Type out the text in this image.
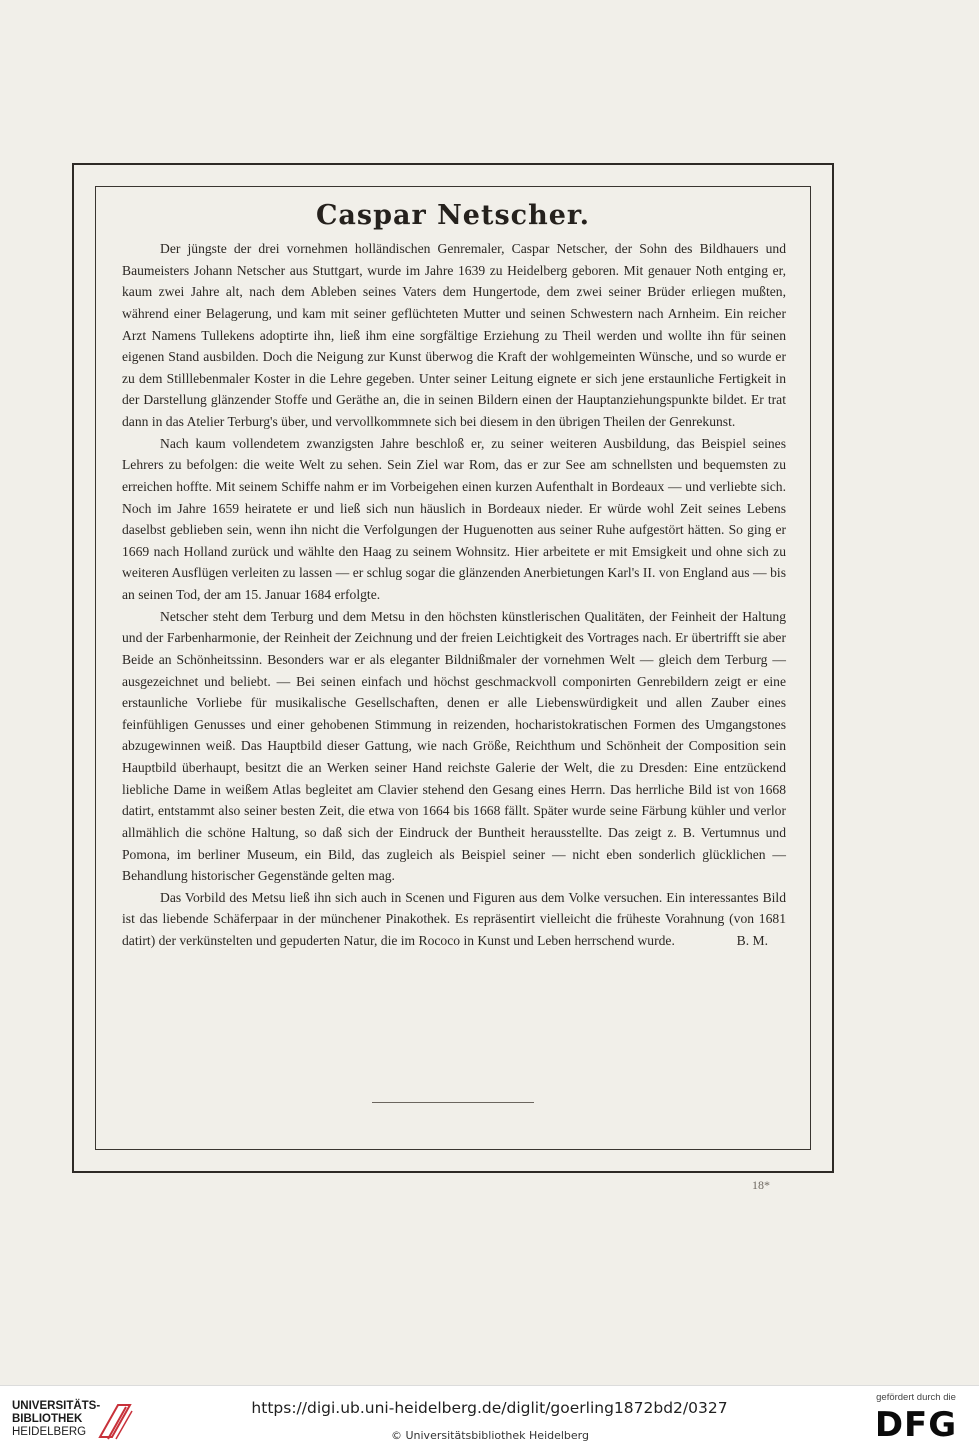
Caspar Netscher.

Der jüngste der drei vornehmen holländischen Genremaler, Caspar Netscher, der Sohn des Bildhauers und Baumeisters Johann Netscher aus Stuttgart, wurde im Jahre 1639 zu Heidelberg geboren. Mit genauer Noth entging er, kaum zwei Jahre alt, nach dem Ableben seines Vaters dem Hungertode, dem zwei seiner Brüder erliegen mußten, während einer Belagerung, und kam mit seiner geflüchteten Mutter und seinen Schwestern nach Arnheim. Ein reicher Arzt Namens Tullekens adoptirte ihn, ließ ihm eine sorgfältige Erziehung zu Theil werden und wollte ihn für seinen eigenen Stand ausbilden. Doch die Neigung zur Kunst überwog die Kraft der wohlgemeinten Wünsche, und so wurde er zu dem Stilllebenmaler Koster in die Lehre gegeben. Unter seiner Leitung eignete er sich jene erstaunliche Fertigkeit in der Darstellung glänzender Stoffe und Geräthe an, die in seinen Bildern einen der Hauptanziehungspunkte bildet. Er trat dann in das Atelier Terburg's über, und vervollkommnete sich bei diesem in den übrigen Theilen der Genrekunst.

Nach kaum vollendetem zwanzigsten Jahre beschloß er, zu seiner weiteren Ausbildung, das Beispiel seines Lehrers zu befolgen: die weite Welt zu sehen. Sein Ziel war Rom, das er zur See am schnellsten und bequemsten zu erreichen hoffte. Mit seinem Schiffe nahm er im Vorbeigehen einen kurzen Aufenthalt in Bordeaux — und verliebte sich. Noch im Jahre 1659 heiratete er und ließ sich nun häuslich in Bordeaux nieder. Er würde wohl Zeit seines Lebens daselbst geblieben sein, wenn ihn nicht die Verfolgungen der Huguenotten aus seiner Ruhe aufgestört hätten. So ging er 1669 nach Holland zurück und wählte den Haag zu seinem Wohnsitz. Hier arbeitete er mit Emsigkeit und ohne sich zu weiteren Ausflügen verleiten zu lassen — er schlug sogar die glänzenden Anerbietungen Karl's II. von England aus — bis an seinen Tod, der am 15. Januar 1684 erfolgte.

Netscher steht dem Terburg und dem Metsu in den höchsten künstlerischen Qualitäten, der Feinheit der Haltung und der Farbenharmonie, der Reinheit der Zeichnung und der freien Leichtigkeit des Vortrages nach. Er übertrifft sie aber Beide an Schönheitssinn. Besonders war er als eleganter Bildnißmaler der vornehmen Welt — gleich dem Terburg — ausgezeichnet und beliebt. — Bei seinen einfach und höchst geschmackvoll componirten Genrebildern zeigt er eine erstaunliche Vorliebe für musikalische Gesellschaften, denen er alle Liebenswürdigkeit und allen Zauber eines feinfühligen Genusses und einer gehobenen Stimmung in reizenden, hocharistokratischen Formen des Umgangstones abzugewinnen weiß. Das Hauptbild dieser Gattung, wie nach Größe, Reichthum und Schönheit der Composition sein Hauptbild überhaupt, besitzt die an Werken seiner Hand reichste Galerie der Welt, die zu Dresden: Eine entzückend liebliche Dame in weißem Atlas begleitet am Clavier stehend den Gesang eines Herrn. Das herrliche Bild ist von 1668 datirt, entstammt also seiner besten Zeit, die etwa von 1664 bis 1668 fällt. Später wurde seine Färbung kühler und verlor allmählich die schöne Haltung, so daß sich der Eindruck der Buntheit herausstellte. Das zeigt z. B. Vertumnus und Pomona, im berliner Museum, ein Bild, das zugleich als Beispiel seiner — nicht eben sonderlich glücklichen — Behandlung historischer Gegenstände gelten mag.

Das Vorbild des Metsu ließ ihn sich auch in Scenen und Figuren aus dem Volke versuchen. Ein interessantes Bild ist das liebende Schäferpaar in der münchener Pinakothek. Es repräsentirt vielleicht die früheste Vorahnung (von 1681 datirt) der verkünstelten und gepuderten Natur, die im Rococo in Kunst und Leben herrschend wurde.	B. M.

18*
UNIVERSITÄTS-
BIBLIOTHEK
HEIDELBERG
https://digi.ub.uni-heidelberg.de/diglit/goerling1872bd2/0327
© Universitätsbibliothek Heidelberg
gefördert durch die
DFG
